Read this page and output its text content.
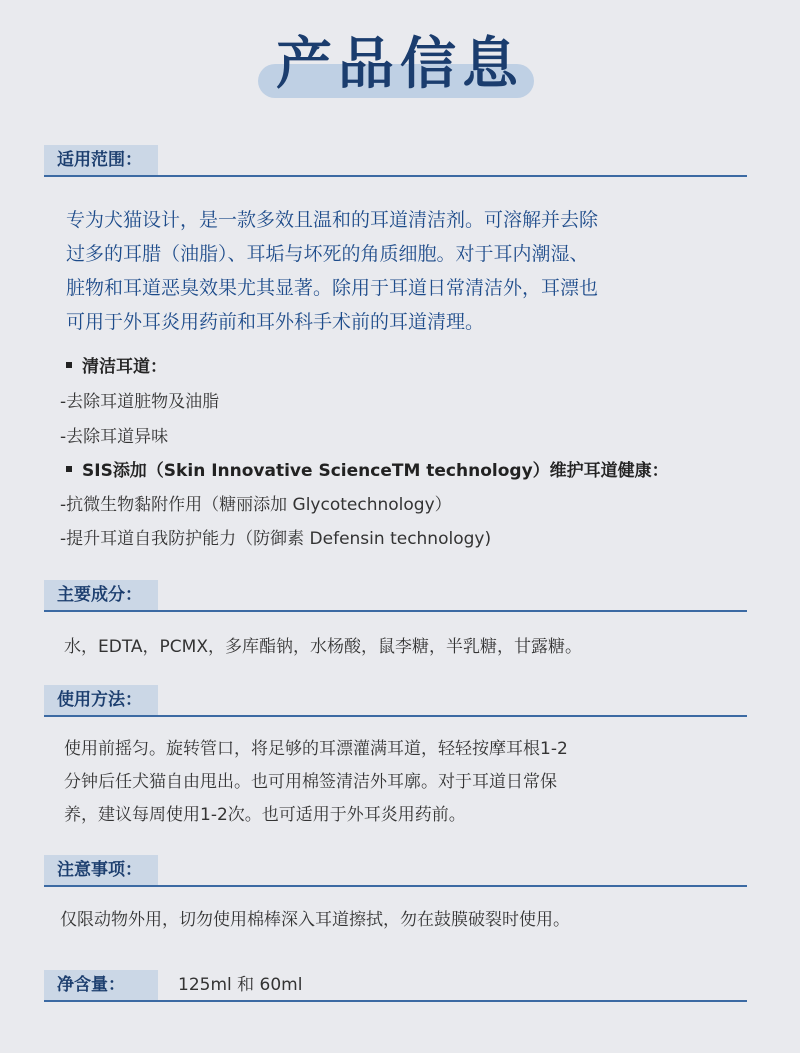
产品信息
适用范围：
专为犬猫设计，是一款多效且温和的耳道清洁剂。可溶解并去除
过多的耳腊（油脂）、耳垢与坏死的角质细胞。对于耳内潮湿、
脏物和耳道恶臭效果尤其显著。除用于耳道日常清洁外，耳漂也
可用于外耳炎用药前和耳外科手术前的耳道清理。
清洁耳道：
-去除耳道脏物及油脂
-去除耳道异味
SIS添加（Skin Innovative ScienceTM technology）维护耳道健康：
-抗微生物黏附作用（糖丽添加 Glycotechnology）
-提升耳道自我防护能力（防御素 Defensin technology)
主要成分：
水，EDTA，PCMX，多库酯钠，水杨酸，鼠李糖，半乳糖，甘露糖。
使用方法：
使用前摇匀。旋转管口，将足够的耳漂灌满耳道，轻轻按摩耳根1-2
分钟后任犬猫自由甩出。也可用棉签清洁外耳廓。对于耳道日常保
养，建议每周使用1-2次。也可适用于外耳炎用药前。
注意事项：
仅限动物外用，切勿使用棉棒深入耳道擦拭，勿在鼓膜破裂时使用。
净含量：	125ml 和 60ml
